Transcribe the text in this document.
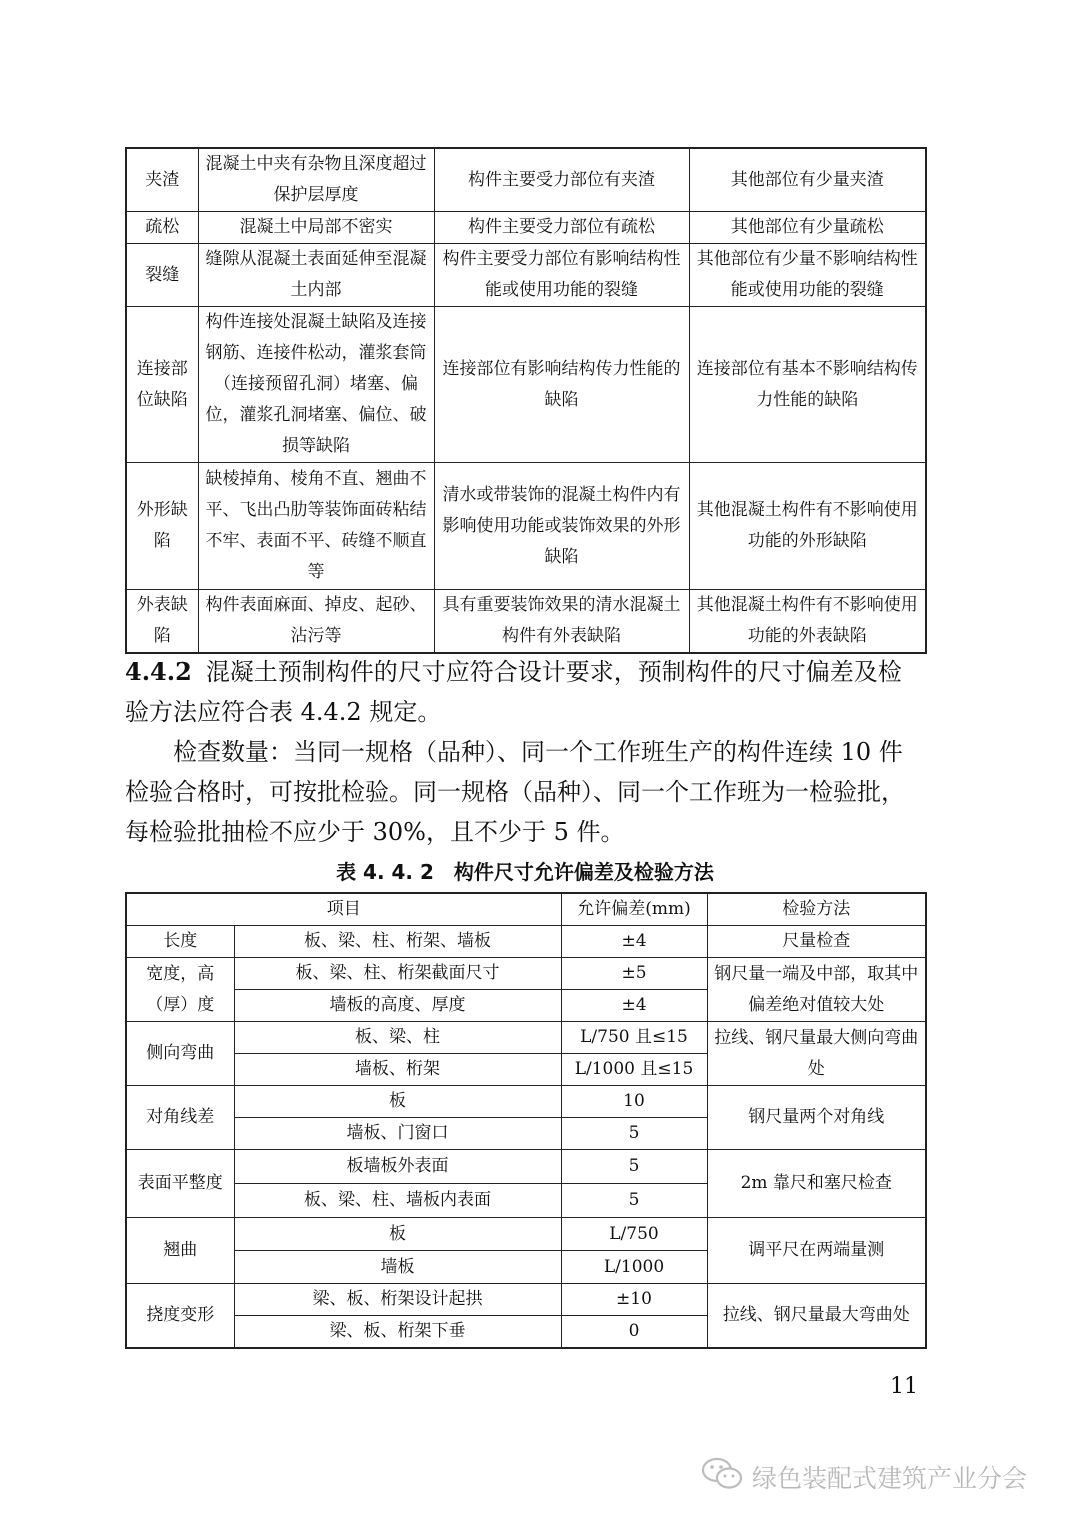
夹渣	混凝土中夹有杂物且深度超过保护层厚度	构件主要受力部位有夹渣	其他部位有少量夹渣
疏松	混凝土中局部不密实	构件主要受力部位有疏松	其他部位有少量疏松
裂缝	缝隙从混凝土表面延伸至混凝土内部	构件主要受力部位有影响结构性能或使用功能的裂缝	其他部位有少量不影响结构性能或使用功能的裂缝
连接部位缺陷	构件连接处混凝土缺陷及连接钢筋、连接件松动，灌浆套筒（连接预留孔洞）堵塞、偏位，灌浆孔洞堵塞、偏位、破损等缺陷	连接部位有影响结构传力性能的缺陷	连接部位有基本不影响结构传力性能的缺陷
外形缺陷	缺棱掉角、棱角不直、翘曲不平、飞出凸肋等装饰面砖粘结不牢、表面不平、砖缝不顺直等	清水或带装饰的混凝土构件内有影响使用功能或装饰效果的外形缺陷	其他混凝土构件有不影响使用功能的外形缺陷
外表缺陷	构件表面麻面、掉皮、起砂、沾污等	具有重要装饰效果的清水混凝土构件有外表缺陷	其他混凝土构件有不影响使用功能的外表缺陷

4.4.2 混凝土预制构件的尺寸应符合设计要求，预制构件的尺寸偏差及检验方法应符合表 4.4.2 规定。

检查数量：当同一规格（品种）、同一个工作班生产的构件连续 10 件检验合格时，可按批检验。同一规格（品种）、同一个工作班为一检验批，每检验批抽检不应少于 30%，且不少于 5 件。

表 4. 4. 2　构件尺寸允许偏差及检验方法
项目		允许偏差(mm)	检验方法
长度	板、梁、柱、桁架、墙板	±4	尺量检查
宽度，高（厚）度	板、梁、柱、桁架截面尺寸	±5	钢尺量一端及中部，取其中偏差绝对值较大处
	墙板的高度、厚度	±4	
侧向弯曲	板、梁、柱	L/750 且≤15	拉线、钢尺量最大侧向弯曲处
	墙板、桁架	L/1000 且≤15	
对角线差	板	10	钢尺量两个对角线
	墙板、门窗口	5	
表面平整度	板墙板外表面	5	2m 靠尺和塞尺检查
	板、梁、柱、墙板内表面	5	
翘曲	板	L/750	调平尺在两端量测
	墙板	L/1000	
挠度变形	梁、板、桁架设计起拱	±10	拉线、钢尺量最大弯曲处
	梁、板、桁架下垂	0	
11
绿色装配式建筑产业分会
